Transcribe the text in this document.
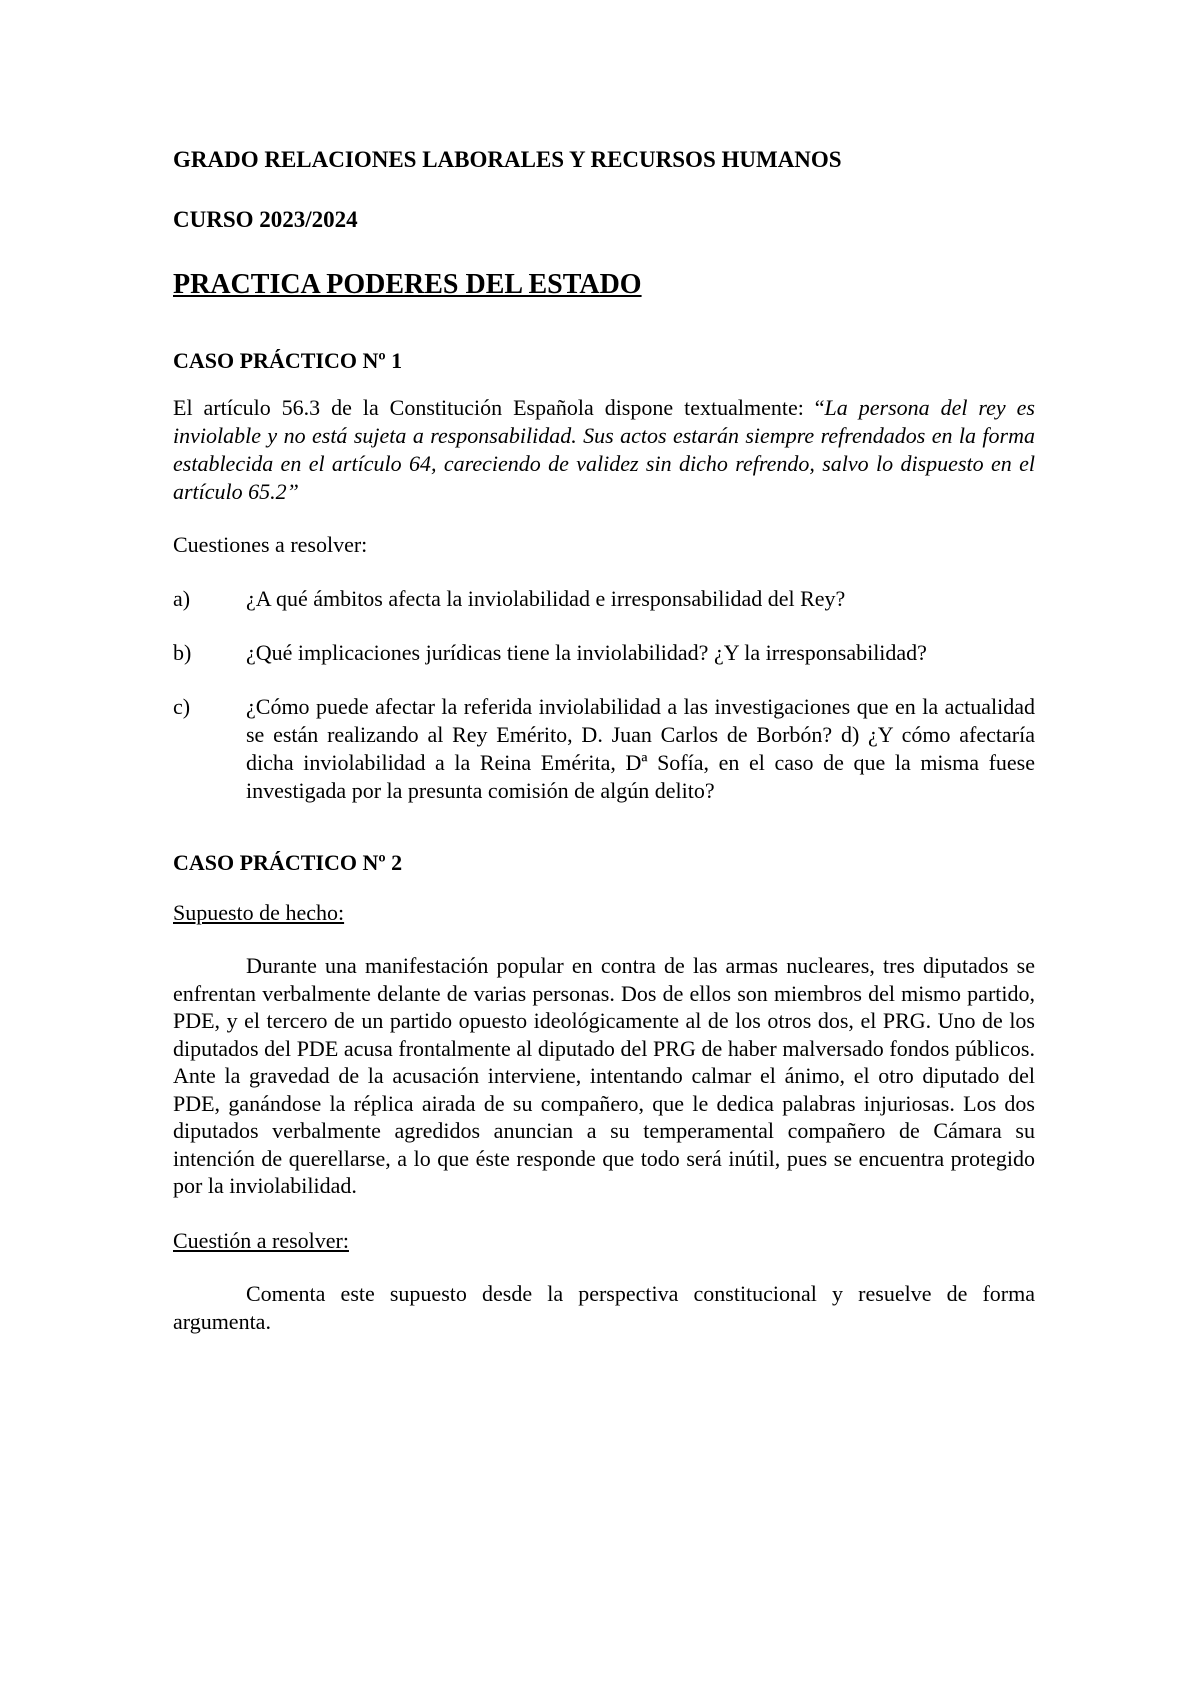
GRADO RELACIONES LABORALES Y RECURSOS HUMANOS
CURSO 2023/2024
PRACTICA PODERES DEL ESTADO
CASO PRÁCTICO Nº 1

El artículo 56.3 de la Constitución Española dispone textualmente: “La persona del rey es inviolable y no está sujeta a responsabilidad. Sus actos estarán siempre refrendados en la forma establecida en el artículo 64, careciendo de validez sin dicho refrendo, salvo lo dispuesto en el artículo 65.2”

Cuestiones a resolver:

a)	¿A qué ámbitos afecta la inviolabilidad e irresponsabilidad del Rey?
b) ¿Qué implicaciones jurídicas tiene la inviolabilidad? ¿Y la irresponsabilidad?
c)	¿Cómo puede afectar la referida inviolabilidad a las investigaciones que en la actualidad se están realizando al Rey Emérito, D. Juan Carlos de Borbón? d) ¿Y cómo afectaría dicha inviolabilidad a la Reina Emérita, Dª Sofía, en el caso de que la misma fuese investigada por la presunta comisión de algún delito?
CASO PRÁCTICO Nº 2

Supuesto de hecho:

Durante una manifestación popular en contra de las armas nucleares, tres diputados se enfrentan verbalmente delante de varias personas. Dos de ellos son miembros del mismo partido, PDE, y el tercero de un partido opuesto ideológicamente al de los otros dos, el PRG. Uno de los diputados del PDE acusa frontalmente al diputado del PRG de haber malversado fondos públicos. Ante la gravedad de la acusación interviene, intentando calmar el ánimo, el otro diputado del PDE, ganándose la réplica airada de su compañero, que le dedica palabras injuriosas. Los dos diputados verbalmente agredidos anuncian a su temperamental compañero de Cámara su intención de querellarse, a lo que éste responde que todo será inútil, pues se encuentra protegido por la inviolabilidad.

Cuestión a resolver:

Comenta este supuesto desde la perspectiva constitucional y resuelve de forma argumenta.
